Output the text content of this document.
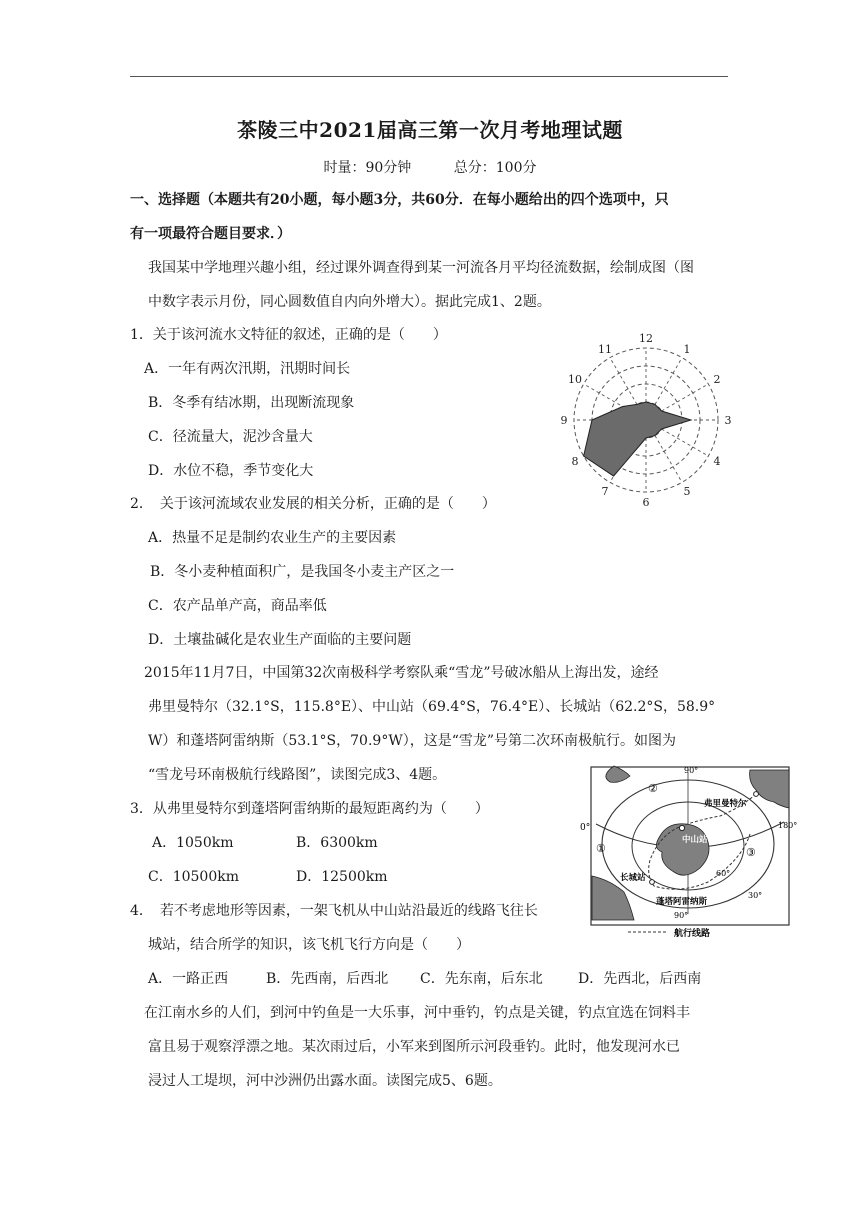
茶陵三中2021届高三第一次月考地理试题
时量：90分钟	总分：100分
一、选择题（本题共有20小题，每小题3分，共60分．在每小题给出的四个选项中，只
有一项最符合题目要求．）
我国某中学地理兴趣小组，经过课外调查得到某一河流各月平均径流数据，绘制成图（图
中数字表示月份，同心圆数值自内向外增大）。据此完成1、2题。
1．关于该河流水文特征的叙述，正确的是（　　）
A．一年有两次汛期，汛期时间长
B．冬季有结冰期，出现断流现象
C．径流量大，泥沙含量大
D．水位不稳，季节变化大
2．　关于该河流域农业发展的相关分析，正确的是（　　）
A．热量不足是制约农业生产的主要因素
B．冬小麦种植面积广，是我国冬小麦主产区之一
C．农产品单产高，商品率低
D．土壤盐碱化是农业生产面临的主要问题
2015年11月7日，中国第32次南极科学考察队乘“雪龙”号破冰船从上海出发，途经
弗里曼特尔（32.1°S，115.8°E）、中山站（69.4°S，76.4°E）、长城站（62.2°S，58.9°
W）和蓬塔阿雷纳斯（53.1°S，70.9°W），这是“雪龙”号第二次环南极航行。如图为
“雪龙号环南极航行线路图”，读图完成3、4题。
3．从弗里曼特尔到蓬塔阿雷纳斯的最短距离约为（　　）
A．1050km	B．6300km
C．10500km	D．12500km
4．　若不考虑地形等因素，一架飞机从中山站沿最近的线路飞往长
城站，结合所学的知识，该飞机飞行方向是（　　）
A．一路正西	B．先西南，后西北 C．先东南，后东北	D．先西北，后西南
在江南水乡的人们，到河中钓鱼是一大乐事，河中垂钓，钓点是关键，钓点宜选在饲料丰
富且易于观察浮漂之地。某次雨过后，小军来到图所示河段垂钓。此时，他发现河水已
浸过人工堤坝，河中沙洲仍出露水面。读图完成5、6题。
12
1
2
3
4
5
6
7
8
9
10
11
90°
90°
0°	180°
60°
30°
①
②
③
弗里曼特尔
中山站
长城站
蓬塔阿雷纳斯
航行线路
